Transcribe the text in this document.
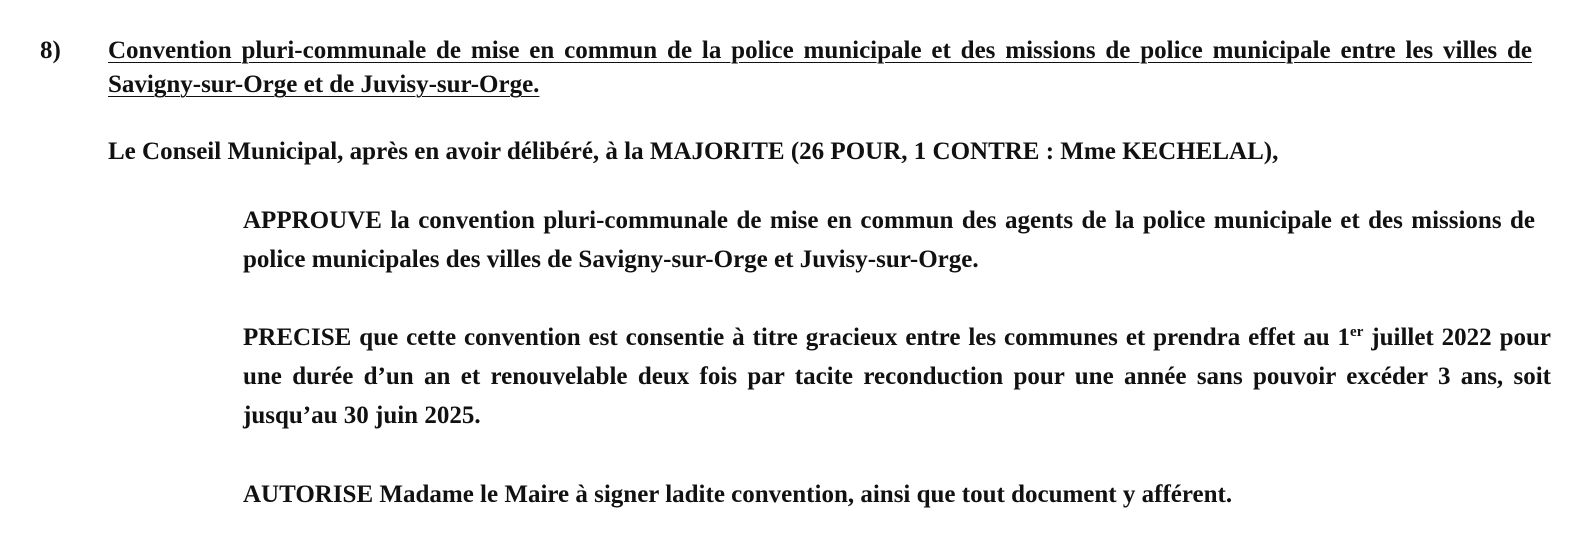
8) Convention pluri-communale de mise en commun de la police municipale et des missions de police municipale entre les villes de Savigny-sur-Orge et de Juvisy-sur-Orge.
Le Conseil Municipal, après en avoir délibéré, à la MAJORITE (26 POUR, 1 CONTRE : Mme KECHELAL),
APPROUVE la convention pluri-communale de mise en commun des agents de la police municipale et des missions de police municipales des villes de Savigny-sur-Orge et Juvisy-sur-Orge.
PRECISE que cette convention est consentie à titre gracieux entre les communes et prendra effet au 1er juillet 2022 pour une durée d’un an et renouvelable deux fois par tacite reconduction pour une année sans pouvoir excéder 3 ans, soit jusqu’au 30 juin 2025.
AUTORISE Madame le Maire à signer ladite convention, ainsi que tout document y afférent.
